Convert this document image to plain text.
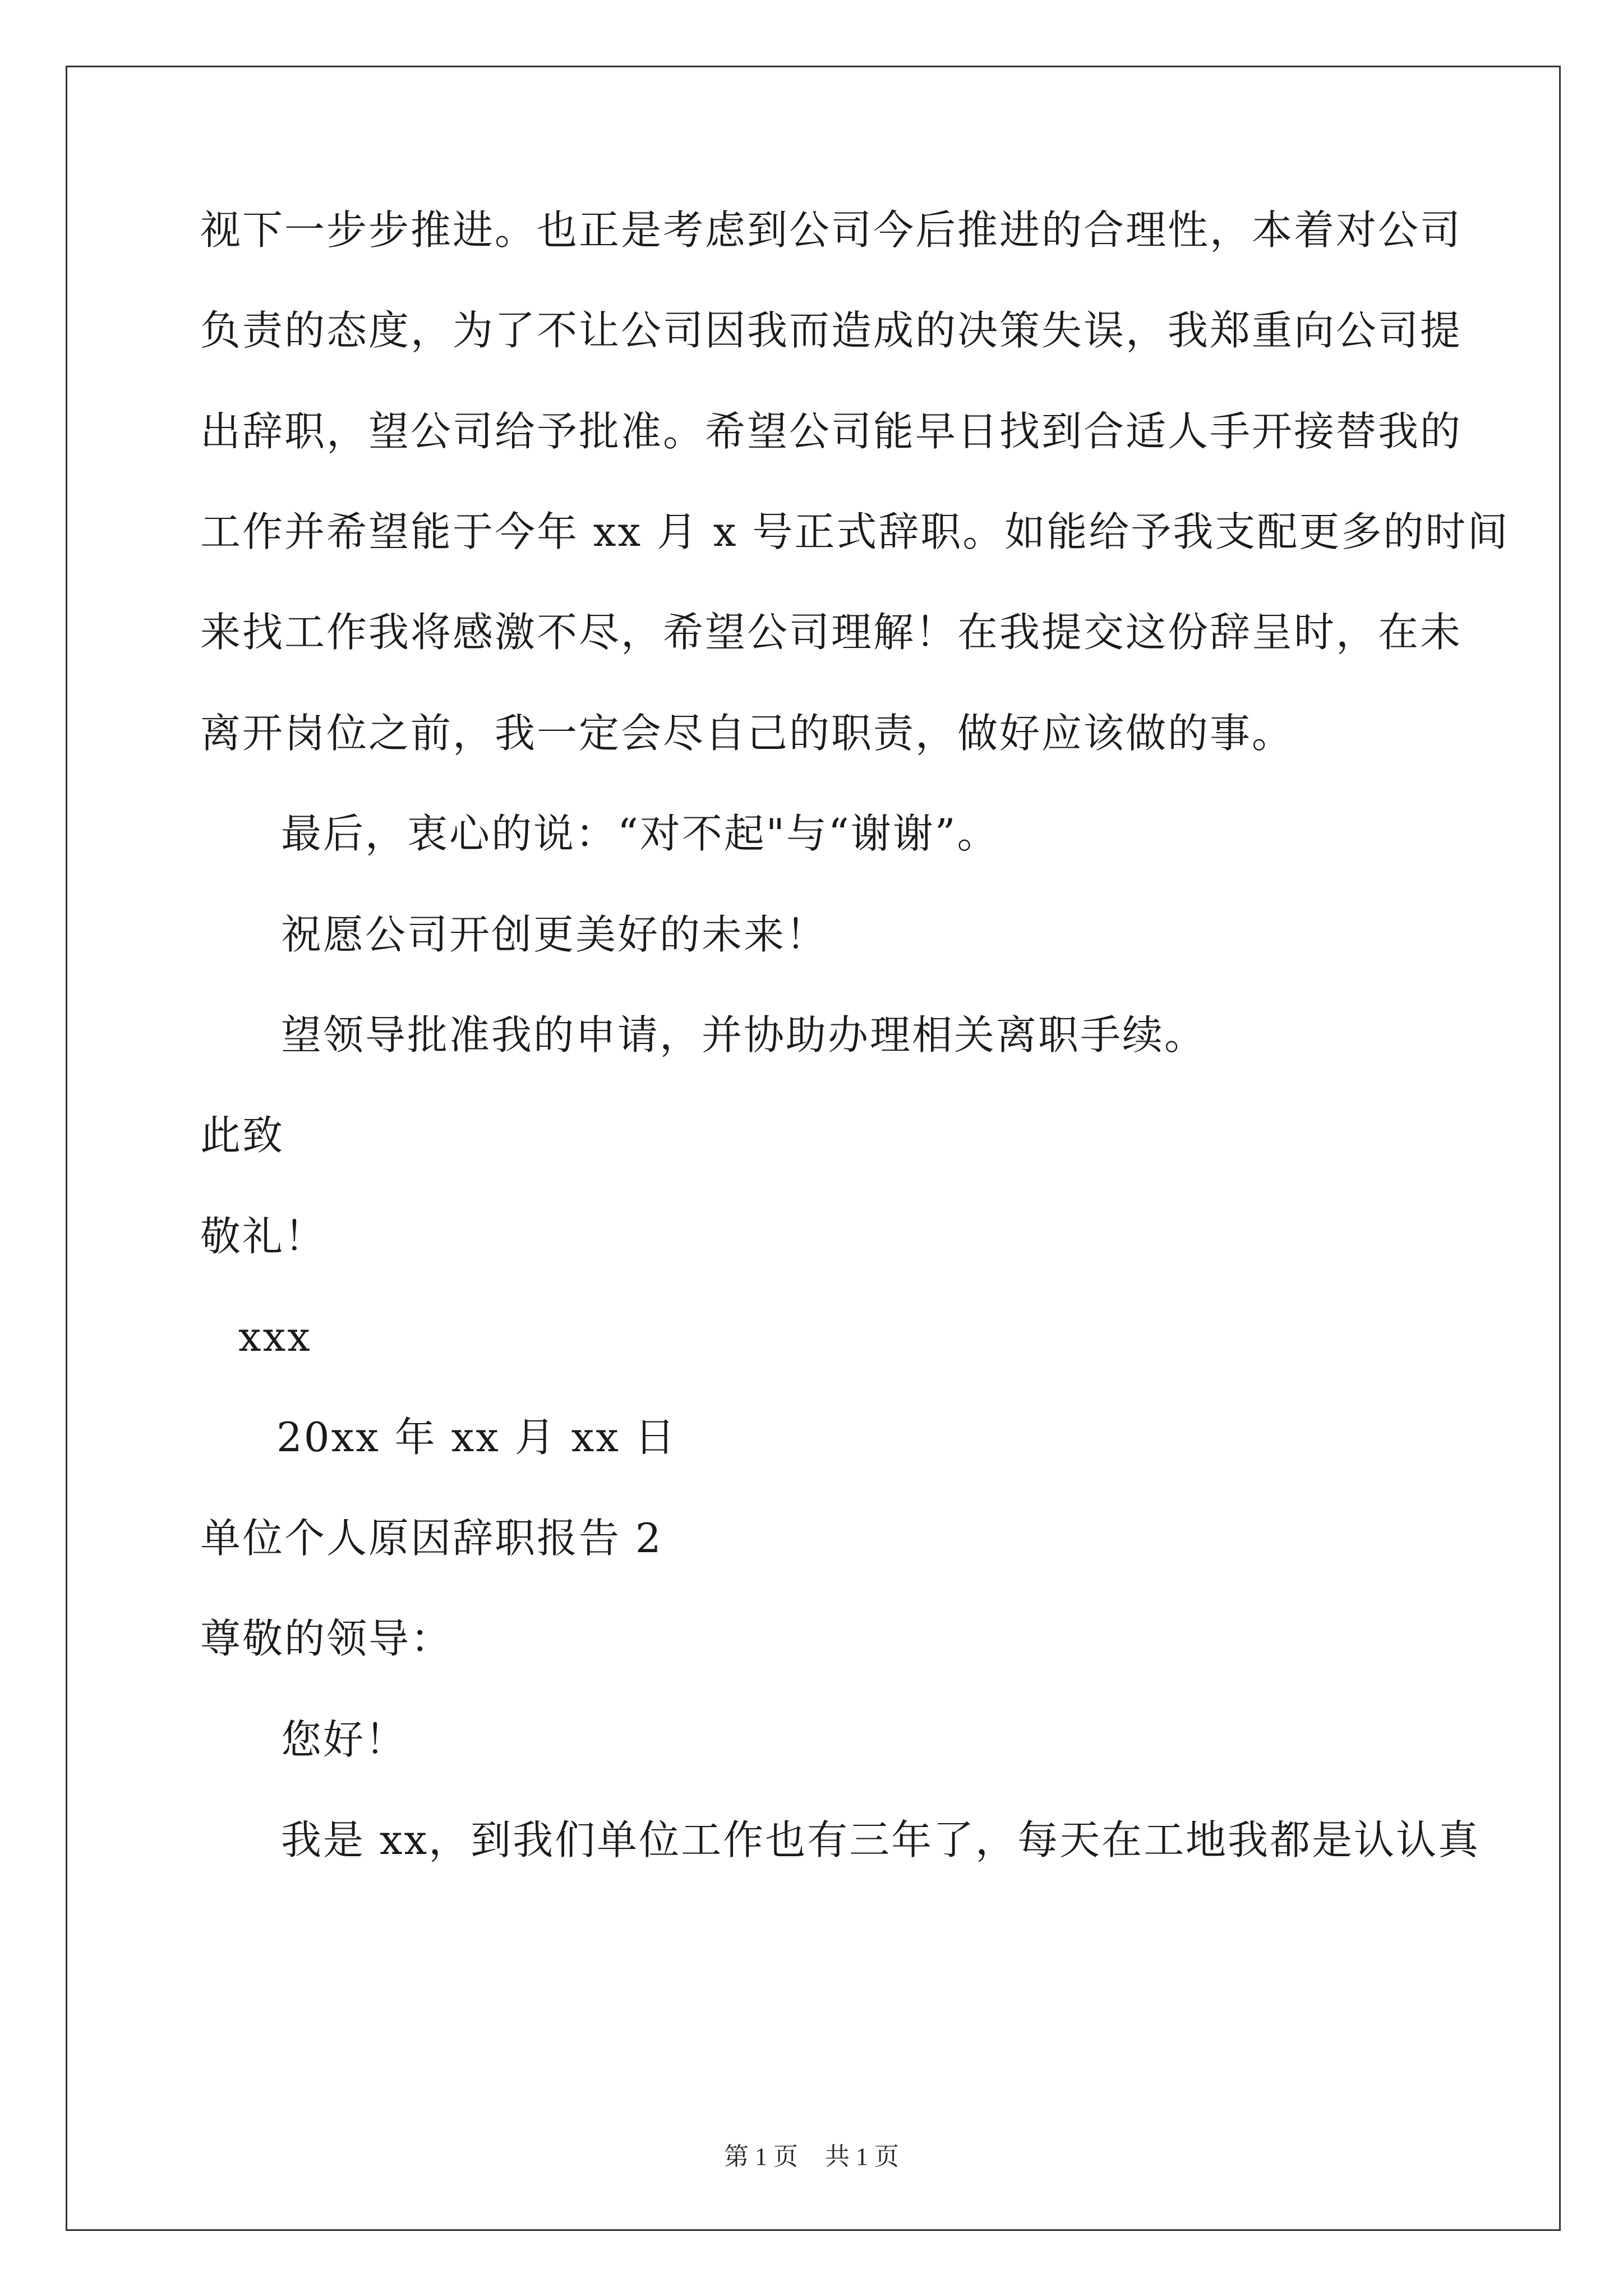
视下一步步推进。也正是考虑到公司今后推进的合理性，本着对公司
负责的态度，为了不让公司因我而造成的决策失误，我郑重向公司提
出辞职，望公司给予批准。希望公司能早日找到合适人手开接替我的
工作并希望能于今年 xx 月 x 号正式辞职。如能给予我支配更多的时间
来找工作我将感激不尽，希望公司理解！在我提交这份辞呈时，在未
离开岗位之前，我一定会尽自己的职责，做好应该做的事。
最后，衷心的说：“对不起"与“谢谢”。
祝愿公司开创更美好的未来！
望领导批准我的申请，并协助办理相关离职手续。
此致
敬礼！
xxx
20xx 年 xx 月 xx 日
单位个人原因辞职报告 2
尊敬的领导：
您好！
我是 xx，到我们单位工作也有三年了，每天在工地我都是认认真
第 1 页 共 1 页
